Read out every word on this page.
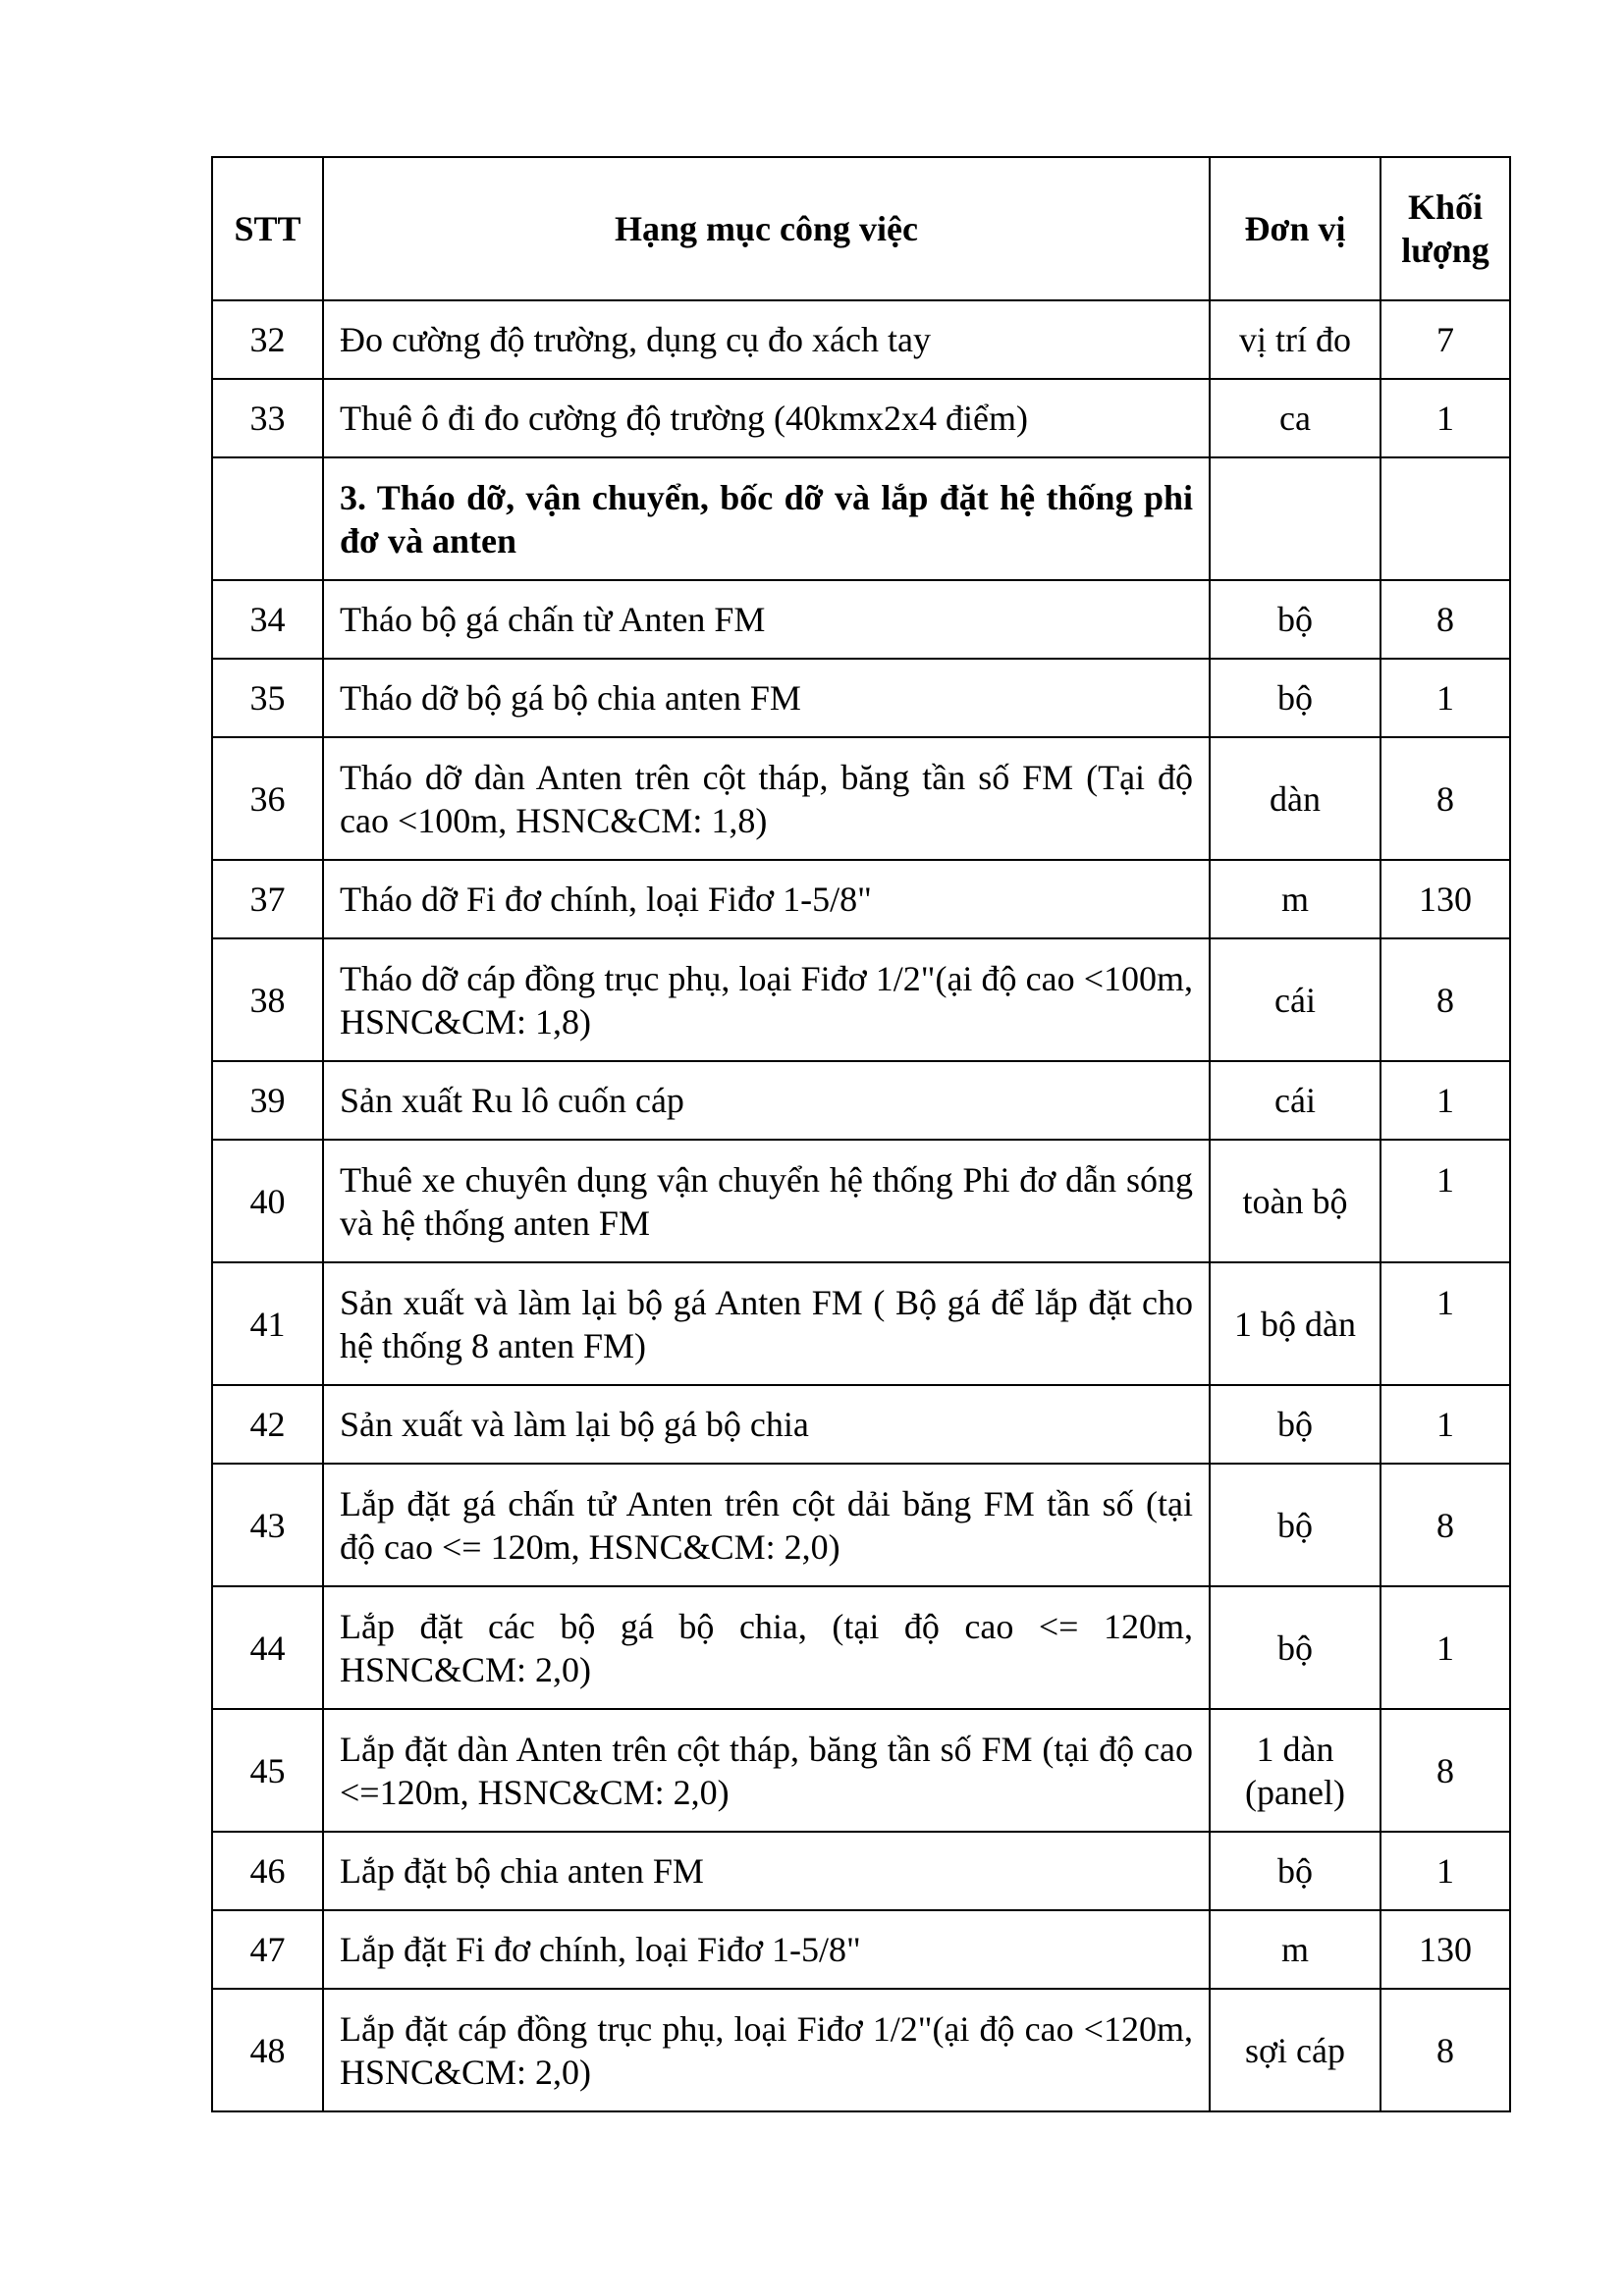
STT	Hạng mục công việc	Đơn vị	Khối
lượng
32	Đo cường độ trường, dụng cụ đo xách tay	vị trí đo	7
33	Thuê ô đi đo cường độ trường (40kmx2x4 điểm)	ca	1
	3. Tháo dỡ, vận chuyển, bốc dỡ và lắp đặt hệ thống phi đơ và anten		
34	Tháo bộ gá chấn từ Anten FM	bộ	8
35	Tháo dỡ bộ gá bộ chia anten FM	bộ	1
36	Tháo dỡ dàn Anten trên cột tháp, băng tần số FM (Tại độ cao <100m, HSNC&CM: 1,8)	dàn	8
37	Tháo dỡ Fi đơ chính, loại Fiđơ 1-5/8"	m	130
38	Tháo dỡ cáp đồng trục phụ, loại Fiđơ 1/2"(ại độ cao <100m, HSNC&CM: 1,8)	cái	8
39	Sản xuất Ru lô cuốn cáp	cái	1
40	Thuê xe chuyên dụng vận chuyển hệ thống Phi đơ dẫn sóng và hệ thống anten FM	toàn bộ	1
41	Sản xuất và làm lại bộ gá Anten FM ( Bộ gá để lắp đặt cho hệ thống 8 anten FM)	1 bộ dàn	1
42	Sản xuất và làm lại bộ gá bộ chia	bộ	1
43	Lắp đặt gá chấn tử Anten trên cột dải băng FM tần số (tại độ cao <= 120m, HSNC&CM: 2,0)	bộ	8
44	Lắp đặt các bộ gá bộ chia, (tại độ cao <= 120m, HSNC&CM: 2,0)	bộ	1
45	Lắp đặt dàn Anten trên cột tháp, băng tần số FM (tại độ cao <=120m, HSNC&CM: 2,0)	1 dàn (panel)	8
46	Lắp đặt bộ chia anten FM	bộ	1
47	Lắp đặt Fi đơ chính, loại Fiđơ 1-5/8"	m	130
48	Lắp đặt cáp đồng trục phụ, loại Fiđơ 1/2"(ại độ cao <120m, HSNC&CM: 2,0)	sợi cáp	8
